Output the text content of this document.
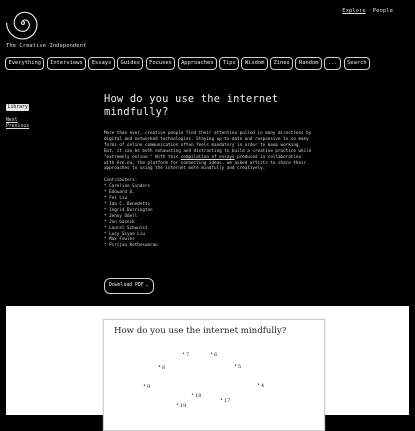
The Creative Independent
Explore People
Everything	Interviews	Essays	Guides	Focuses	Approaches	Tips	Wisdom	Zines	Random	...	Search
Library
Next
Previous
How do you use the internet mindfully?
More than ever, creative people find their attention pulled in many directions by digital and networked technologies. Staying up-to-date and responsive to so many forms of online communication often feels mandatory in order to keep working. But, it can be both exhausting and distracting to build a creative practice while "extremely online." With this compilation of essays produced in collaboration with Are.na, the platform for connecting ideas, we asked artists to share their approaches to using the internet more mindfully and creatively.
Contributors:
* Caroline Sinders
* Édouard U.
* Fei Liu
* Ida C. Benedetto
* Ingrid Burrington
* Jenny Odell
* Jon Gacnik
* Laurel Schwulst
* Lucy Siyao Liu
* Max Fowler
* Pirijan Ketheswaran
Download PDF ⌄
How do you use the internet mindfully?
• 7	• 6
• 8	• 5
• 9	• 4
• 18
• 17
• 19
